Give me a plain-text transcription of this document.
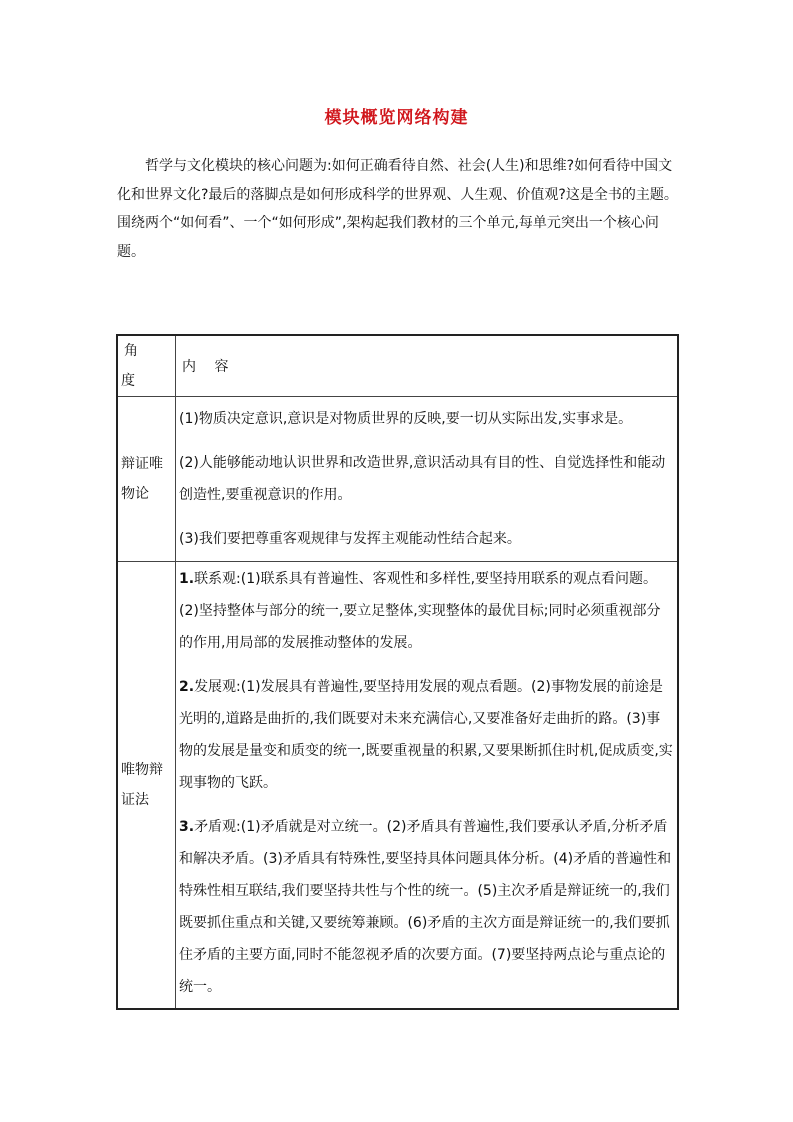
模块概览网络构建

哲学与文化模块的核心问题为:如何正确看待自然、社会(人生)和思维?如何看待中国文化和世界文化?最后的落脚点是如何形成科学的世界观、人生观、价值观?这是全书的主题。围绕两个“如何看”、一个“如何形成”,架构起我们教材的三个单元,每单元突出一个核心问题。

角 度	内 容
辩证唯物论	(1)物质决定意识,意识是对物质世界的反映,要一切从实际出发,实事求是。

(2)人能够能动地认识世界和改造世界,意识活动具有目的性、自觉选择性和能动创造性,要重视意识的作用。

(3)我们要把尊重客观规律与发挥主观能动性结合起来。

唯物辩证法	1.联系观:(1)联系具有普遍性、客观性和多样性,要坚持用联系的观点看问题。(2)坚持整体与部分的统一,要立足整体,实现整体的最优目标;同时必须重视部分的作用,用局部的发展推动整体的发展。

2.发展观:(1)发展具有普遍性,要坚持用发展的观点看题。(2)事物发展的前途是光明的,道路是曲折的,我们既要对未来充满信心,又要准备好走曲折的路。(3)事物的发展是量变和质变的统一,既要重视量的积累,又要果断抓住时机,促成质变,实现事物的飞跃。

3.矛盾观:(1)矛盾就是对立统一。(2)矛盾具有普遍性,我们要承认矛盾,分析矛盾和解决矛盾。(3)矛盾具有特殊性,要坚持具体问题具体分析。(4)矛盾的普遍性和特殊性相互联结,我们要坚持共性与个性的统一。(5)主次矛盾是辩证统一的,我们既要抓住重点和关键,又要统筹兼顾。(6)矛盾的主次方面是辩证统一的,我们要抓住矛盾的主要方面,同时不能忽视矛盾的次要方面。(7)要坚持两点论与重点论的统一。
